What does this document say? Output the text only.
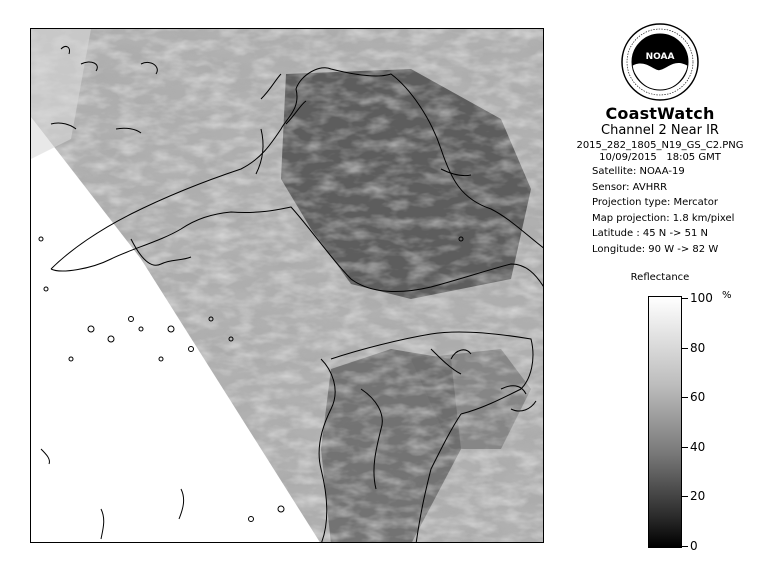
NOAA
CoastWatch
Channel 2 Near IR
2015_282_1805_N19_GS_C2.PNG
10/09/2015 18:05 GMT
Satellite: NOAA-19
Sensor: AVHRR
Projection type: Mercator
Map projection: 1.8 km/pixel
Latitude : 45 N -> 51 N
Longitude: 90 W -> 82 W
Reflectance
%
100
80
60
40
20
0
